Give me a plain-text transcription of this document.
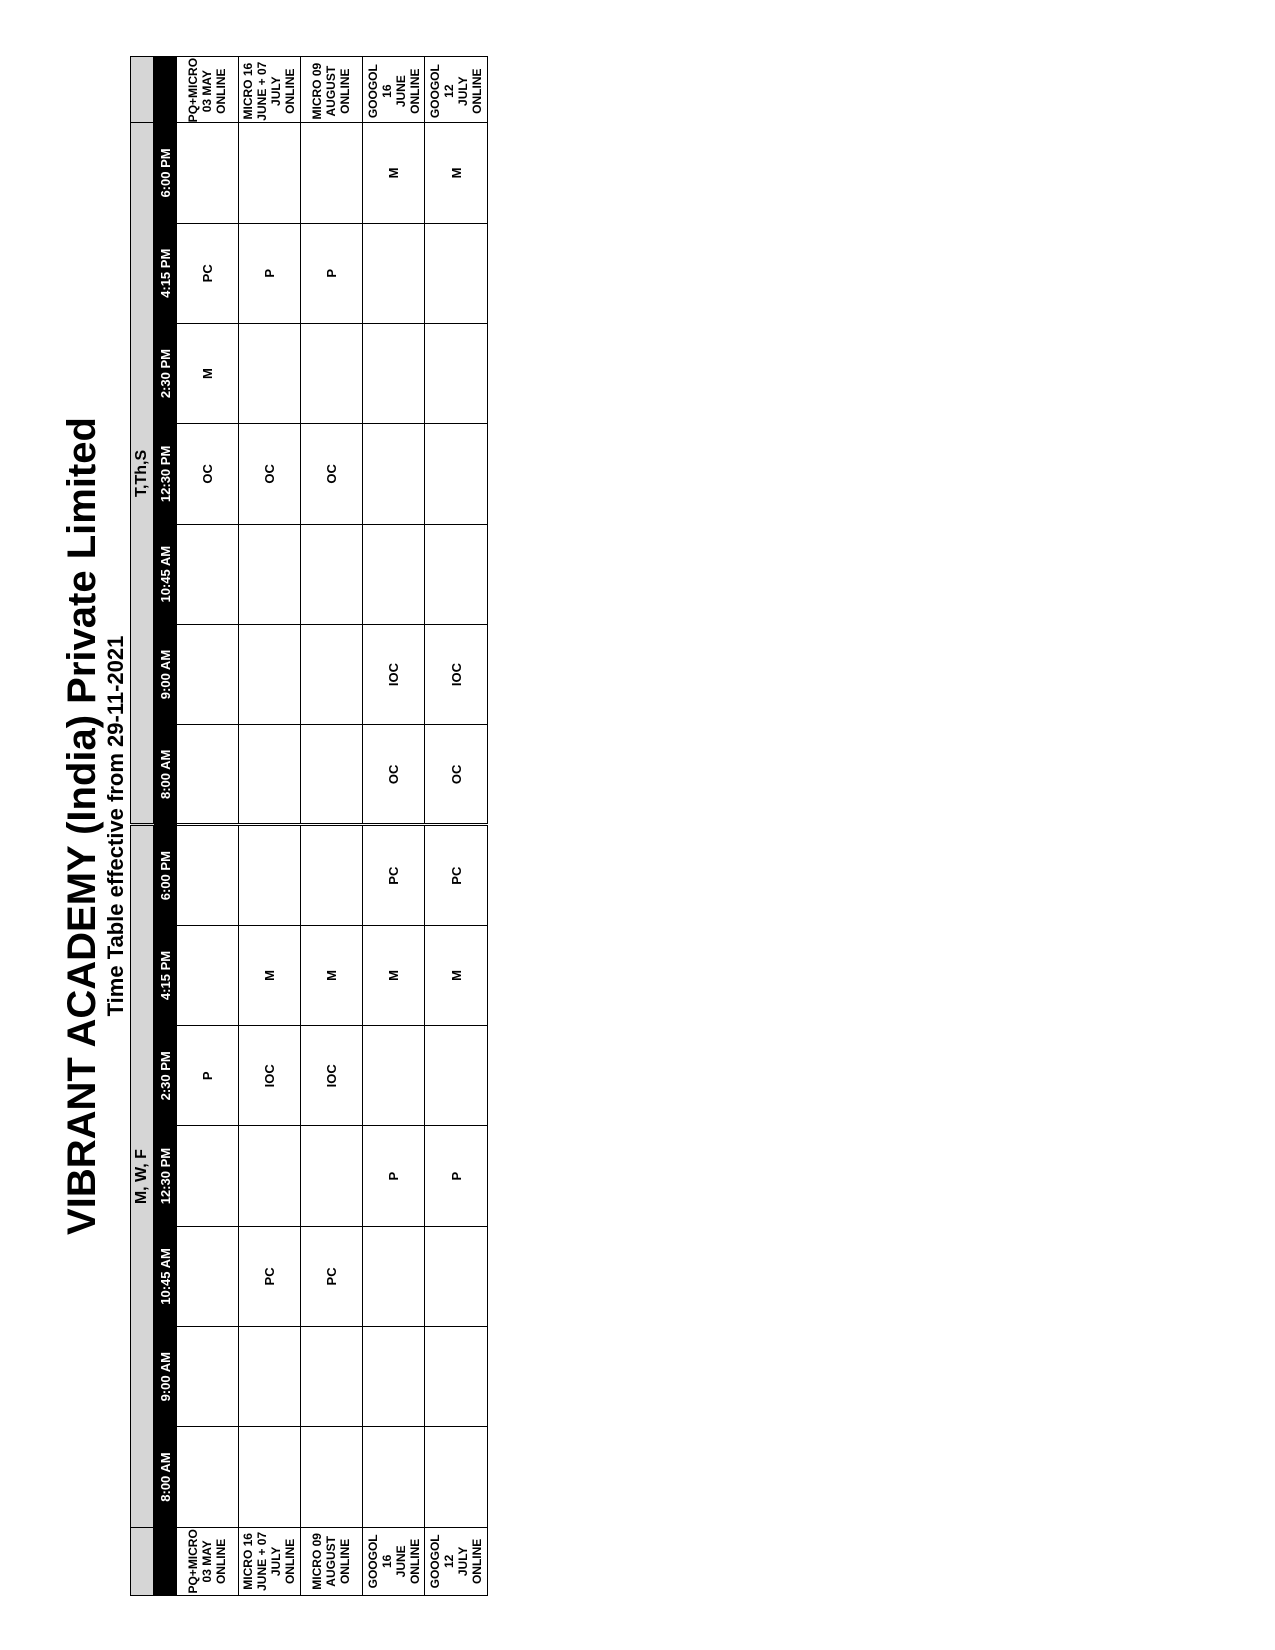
VIBRANT ACADEMY (India) Private Limited Time Table effective from 29-11-2021
	M, W, F							T,Th,S							
	8:00 AM	9:00 AM	10:45 AM	12:30 PM	2:30 PM	4:15 PM	6:00 PM	8:00 AM	9:00 AM	10:45 AM	12:30 PM	2:30 PM	4:15 PM	6:00 PM	

PQ+MICRO 03 MAY ONLINE					P						OC	M	PC		PQ+MICRO 03 MAY ONLINE

MICRO 16 JUNE + 07 JULY ONLINE			PC		IOC	M					OC		P		MICRO 16 JUNE + 07 JULY ONLINE

MICRO 09 AUGUST ONLINE			PC		IOC	M					OC		P		MICRO 09 AUGUST ONLINE

GOOGOL 16 JUNE ONLINE				P		M	PC	OC	IOC					M	GOOGOL 16 JUNE ONLINE

GOOGOL 12 JULY ONLINE				P		M	PC	OC	IOC					M	GOOGOL 12 JULY ONLINE
